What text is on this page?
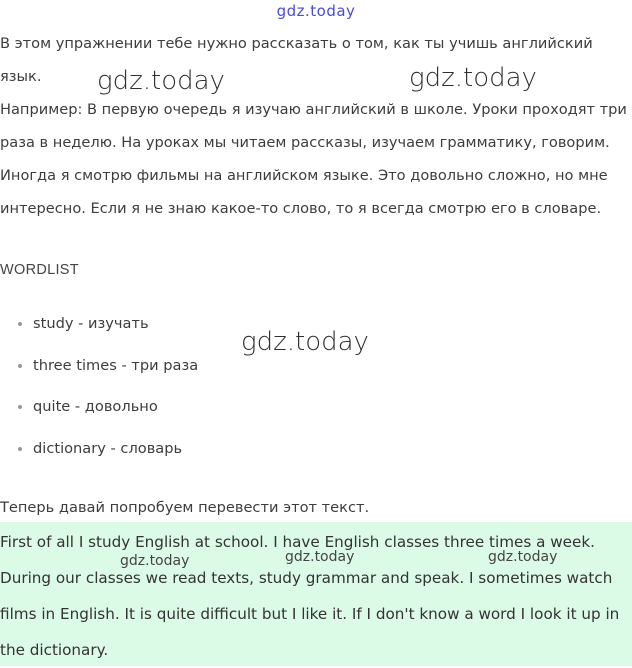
gdz.today

В этом упражнении тебе нужно рассказать о том, как ты учишь английский язык.
Например: В первую очередь я изучаю английский в школе. Уроки проходят три раза в неделю. На уроках мы читаем рассказы, изучаем грамматику, говорим. Иногда я смотрю фильмы на английском языке. Это довольно сложно, но мне интересно. Если я не знаю какое-то слово, то я всегда смотрю его в словаре.

WORDLIST
study - изучать
three times - три раза
quite - довольно
dictionary - словарь

Теперь давай попробуем перевести этот текст.

First of all I study English at school. I have English classes three times a week. During our classes we read texts, study grammar and speak. I sometimes watch films in English. It is quite difficult but I like it. If I don't know a word I look it up in the dictionary.

gdz.today	gdz.today
gdz.today
gdz.today	gdz.today	gdz.today
